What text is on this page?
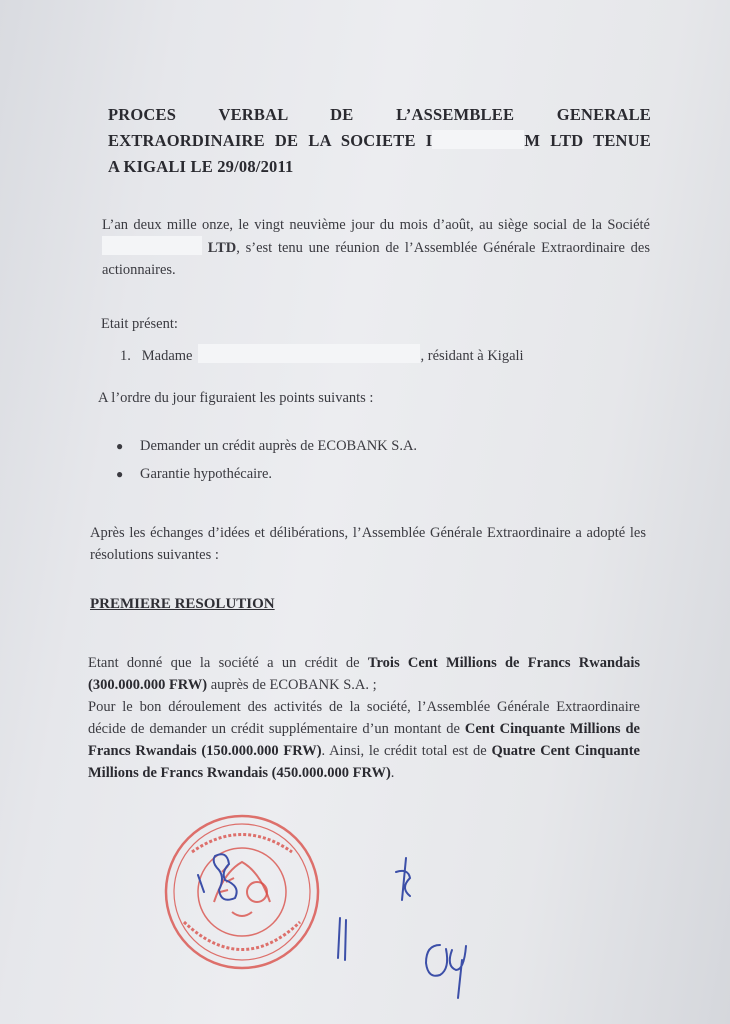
PROCES	VERBAL	DE	L’ASSEMBLEE	GENERALE
EXTRAORDINAIRE DE LA SOCIETE I	M LTD TENUE
A KIGALI LE 29/08/2011
L’an deux mille onze, le vingt neuvième jour du mois d’août, au siège social de la Société  LTD, s’est tenu une réunion de l’Assemblée Générale Extraordinaire des actionnaires.
Etait présent:
1. Madame	, résidant à Kigali
A l’ordre du jour figuraient les points suivants :
● Demander un crédit auprès de ECOBANK S.A.
● Garantie hypothécaire.
Après les échanges d’idées et délibérations, l’Assemblée Générale Extraordinaire a adopté les résolutions suivantes :
PREMIERE RESOLUTION
Etant donné que la société a un crédit de Trois Cent Millions de Francs Rwandais (300.000.000 FRW) auprès de ECOBANK S.A. ;
Pour le bon déroulement des activités de la société, l’Assemblée Générale Extraordinaire décide de demander un crédit supplémentaire d’un montant de Cent Cinquante Millions de Francs Rwandais (150.000.000 FRW). Ainsi, le crédit total est de Quatre Cent Cinquante Millions de Francs Rwandais (450.000.000 FRW).
